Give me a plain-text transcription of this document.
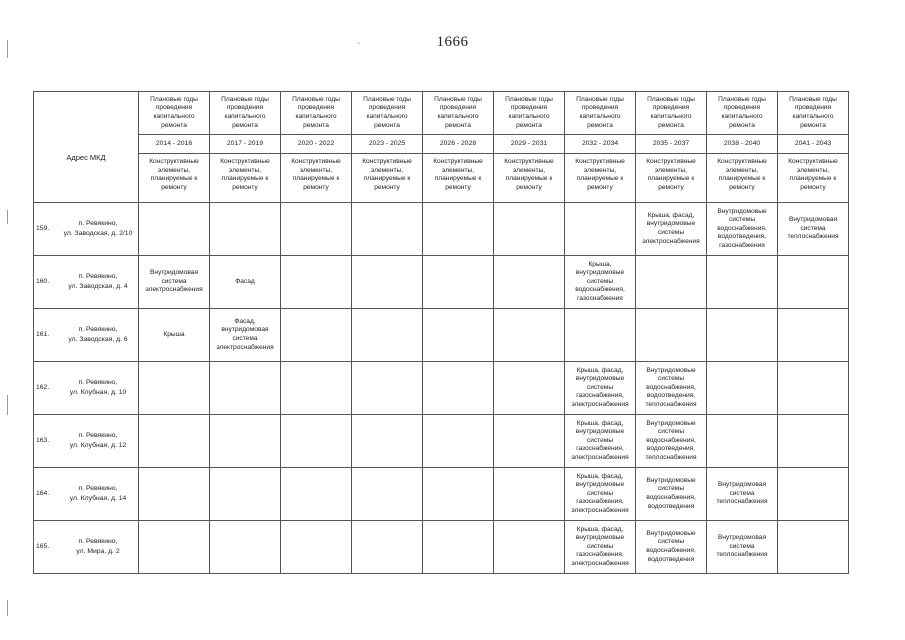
1666
`
Адрес МКД	Плановые годы проведения капитального ремонта	Плановые годы проведения капитального ремонта	Плановые годы проведения капитального ремонта	Плановые годы проведения капитального ремонта	Плановые годы проведения капитального ремонта	Плановые годы проведения капитального ремонта	Плановые годы проведения капитального ремонта	Плановые годы проведения капитального ремонта	Плановые годы проведения капитального ремонта	Плановые годы проведения капитального ремонта
	2014 - 2016	2017 - 2019	2020 - 2022	2023 - 2025	2026 - 2028	2029 - 2031	2032 - 2034	2035 - 2037	2038 - 2040	2041 - 2043
	Конструктивные элементы, планируемые к ремонту	Конструктивные элементы, планируемые к ремонту	Конструктивные элементы, планируемые к ремонту	Конструктивные элементы, планируемые к ремонту	Конструктивные элементы, планируемые к ремонту	Конструктивные элементы, планируемые к ремонту	Конструктивные элементы, планируемые к ремонту	Конструктивные элементы, планируемые к ремонту	Конструктивные элементы, планируемые к ремонту	Конструктивные элементы, планируемые к ремонту

159.
п. Ревякино,
ул. Заводская, д. 2/10								Крыша, фасад, внутридомовые системы электроснабжения	Внутридомовые системы водоснабжения, водоотведения, газоснабжения	Внутридомовая система теплоснабжения

160.
п. Ревякино,
ул. Заводская, д. 4	Внутридомовая система электроснабжения	Фасад					Крыша, внутридомовые системы водоснабжения, газоснабжения			

161.
п. Ревякино,
ул. Заводская, д. 6	Крыша	Фасад, внутридомовая система электроснабжения								

162.
п. Ревякино,
ул. Клубная, д. 10							Крыша, фасад, внутридомовые системы газоснабжения, электроснабжения	Внутридомовые системы водоснабжения, водоотведения, теплоснабжения		

163.
п. Ревякино,
ул. Клубная, д. 12							Крыша, фасад, внутридомовые системы газоснабжения, электроснабжения	Внутридомовые системы водоснабжения, водоотведения, теплоснабжения		

164.
п. Ревякино,
ул. Клубная, д. 14							Крыша, фасад, внутридомовые системы газоснабжения, электроснабжения	Внутридомовые системы водоснабжения, водоотведения	Внутридомовая система теплоснабжения	

165.
п. Ревякино,
ул. Мира, д. 2							Крыша, фасад, внутридомовые системы газоснабжения, электроснабжения	Внутридомовые системы водоснабжения, водоотведения	Внутридомовая система теплоснабжения	
